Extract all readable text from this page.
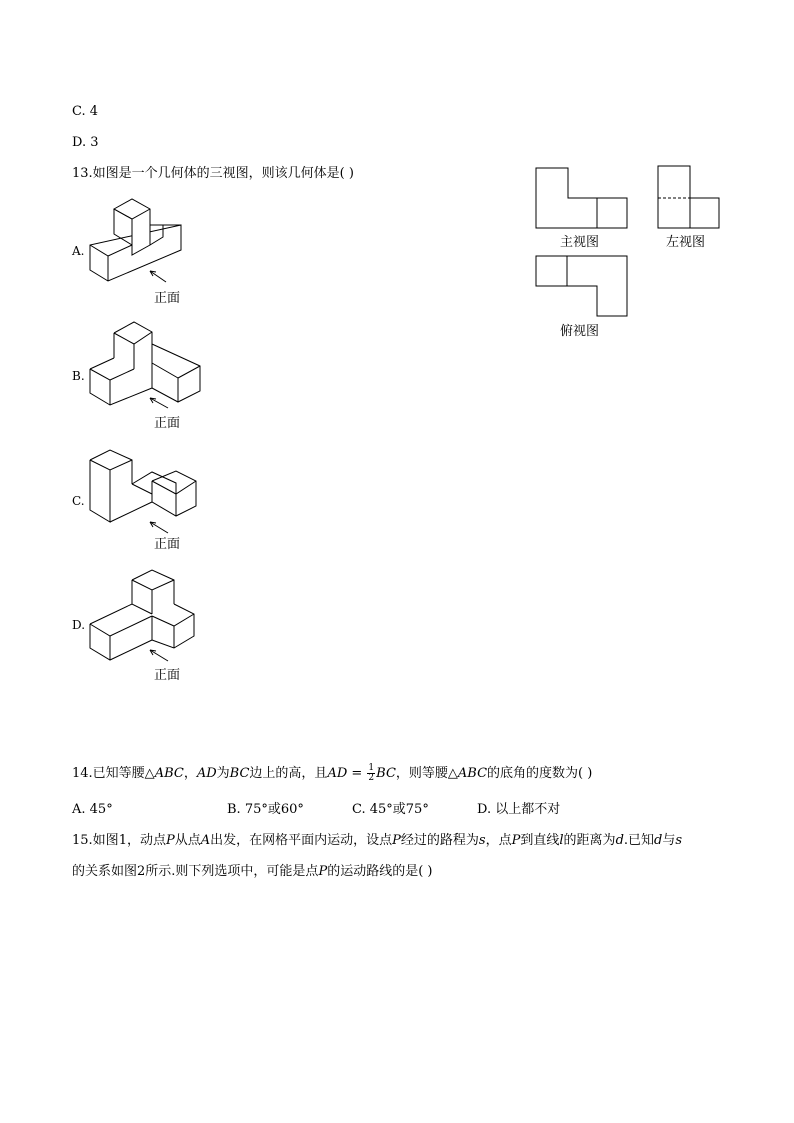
C. 4
D. 3
13.如图是一个几何体的三视图，则该几何体是( )
主视图	左视图
俯视图
A.
正面
B.
正面
C.
正面
D.
正面
14.已知等腰△ABC，AD为BC边上的高，且AD = $\frac{1}{2}$ BC，则等腰△ABC的底角的度数为( )
A. 45°	B. 75°或60°	C. 45°或75°	D. 以上都不对
15.如图1，动点P从点A出发，在网格平面内运动，设点P经过的路程为s，点P到直线l的距离为d.已知d与s
的关系如图2所示.则下列选项中，可能是点P的运动路线的是( )
